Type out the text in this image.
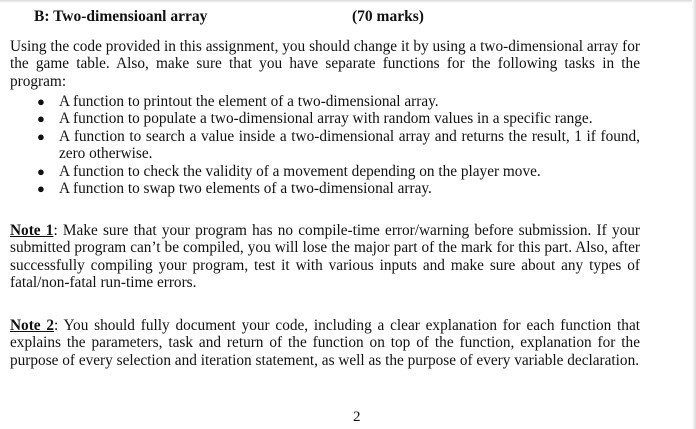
B: Two-dimensioanl array	(70 marks)
Using the code provided in this assignment, you should change it by using a two-dimensional array for the game table. Also, make sure that you have separate functions for the following tasks in the program:
● A function to printout the element of a two-dimensional array.
● A function to populate a two-dimensional array with random values in a specific range.
● A function to search a value inside a two-dimensional array and returns the result, 1 if found, zero otherwise.
● A function to check the validity of a movement depending on the player move.
● A function to swap two elements of a two-dimensional array.
Note 1: Make sure that your program has no compile-time error/warning before submission. If your submitted program can’t be compiled, you will lose the major part of the mark for this part. Also, after successfully compiling your program, test it with various inputs and make sure about any types of fatal/non-fatal run-time errors.
Note 2: You should fully document your code, including a clear explanation for each function that explains the parameters, task and return of the function on top of the function, explanation for the purpose of every selection and iteration statement, as well as the purpose of every variable declaration.
2
